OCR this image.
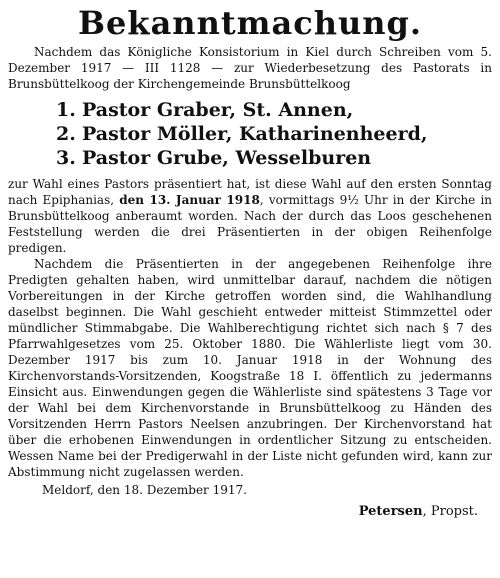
Bekanntmachung.

Nachdem das Königliche Konsistorium in Kiel durch Schreiben vom 5. Dezember 1917 — III 1128 — zur Wiederbesetzung des Pastorats in Brunsbüttelkoog der Kirchengemeinde Brunsbüttelkoog

1. Pastor Graber, St. Annen,
2. Pastor Möller, Katharinenheerd,
3. Pastor Grube, Wesselburen

zur Wahl eines Pastors präsentiert hat, ist diese Wahl auf den ersten Sonntag nach Epiphanias, den 13. Januar 1918, vormittags 9½ Uhr in der Kirche in Brunsbüttelkoog anberaumt worden. Nach der durch das Loos geschehenen Feststellung werden die drei Präsentierten in der obigen Reihenfolge predigen.

Nachdem die Präsentierten in der angegebenen Reihenfolge ihre Predigten gehalten haben, wird unmittelbar darauf, nachdem die nötigen Vorbereitungen in der Kirche getroffen worden sind, die Wahlhandlung daselbst beginnen. Die Wahl geschieht entweder mitteist Stimmzettel oder mündlicher Stimmabgabe. Die Wahlberechtigung richtet sich nach § 7 des Pfarrwahlgesetzes vom 25. Oktober 1880. Die Wählerliste liegt vom 30. Dezember 1917 bis zum 10. Januar 1918 in der Wohnung des Kirchenvorstands-Vorsitzenden, Koogstraße 18 I. öffentlich zu jedermanns Einsicht aus. Einwendungen gegen die Wählerliste sind spätestens 3 Tage vor der Wahl bei dem Kirchenvorstande in Brunsbüttelkoog zu Händen des Vorsitzenden Herrn Pastors Neelsen anzubringen. Der Kirchenvorstand hat über die erhobenen Einwendungen in ordentlicher Sitzung zu entscheiden. Wessen Name bei der Predigerwahl in der Liste nicht gefunden wird, kann zur Abstimmung nicht zugelassen werden.

Meldorf, den 18. Dezember 1917.
Petersen, Propst.
